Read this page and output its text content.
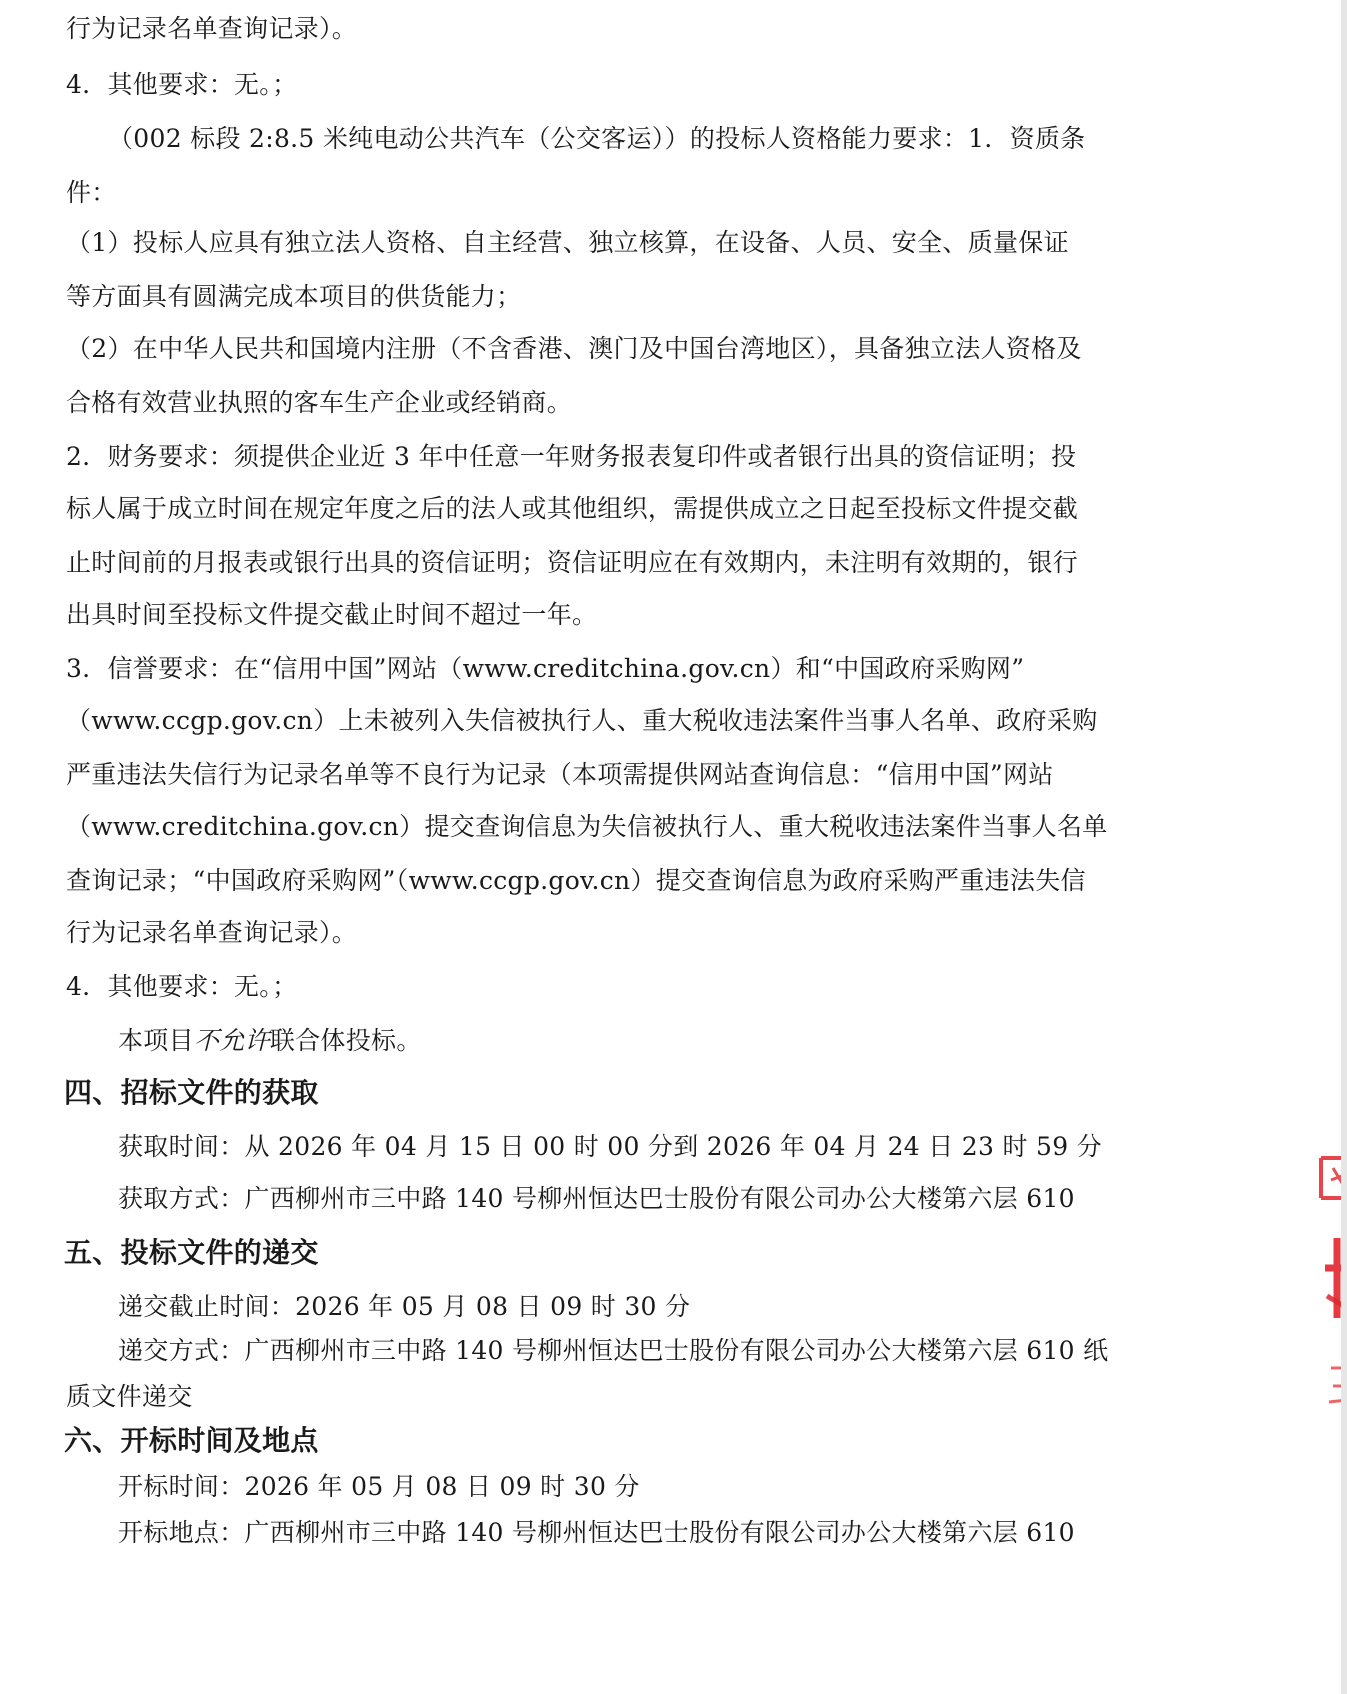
行为记录名单查询记录）。
4．其他要求：无。；
（002 标段 2:8.5 米纯电动公共汽车（公交客运））的投标人资格能力要求：1．资质条
件：
（1）投标人应具有独立法人资格、自主经营、独立核算，在设备、人员、安全、质量保证
等方面具有圆满完成本项目的供货能力；
（2）在中华人民共和国境内注册（不含香港、澳门及中国台湾地区），具备独立法人资格及
合格有效营业执照的客车生产企业或经销商。
2．财务要求：须提供企业近 3 年中任意一年财务报表复印件或者银行出具的资信证明；投
标人属于成立时间在规定年度之后的法人或其他组织，需提供成立之日起至投标文件提交截
止时间前的月报表或银行出具的资信证明；资信证明应在有效期内，未注明有效期的，银行
出具时间至投标文件提交截止时间不超过一年。
3．信誉要求：在“信用中国”网站（www.creditchina.gov.cn）和“中国政府采购网”
（www.ccgp.gov.cn）上未被列入失信被执行人、重大税收违法案件当事人名单、政府采购
严重违法失信行为记录名单等不良行为记录（本项需提供网站查询信息：“信用中国”网站
（www.creditchina.gov.cn）提交查询信息为失信被执行人、重大税收违法案件当事人名单
查询记录；“中国政府采购网”（www.ccgp.gov.cn）提交查询信息为政府采购严重违法失信
行为记录名单查询记录）。
4．其他要求：无。；
本项目不允许联合体投标。
四、招标文件的获取
获取时间：从 2026 年 04 月 15 日 00 时 00 分到 2026 年 04 月 24 日 23 时 59 分
获取方式：广西柳州市三中路 140 号柳州恒达巴士股份有限公司办公大楼第六层 610
五、投标文件的递交
递交截止时间：2026 年 05 月 08 日 09 时 30 分
递交方式：广西柳州市三中路 140 号柳州恒达巴士股份有限公司办公大楼第六层 610 纸
质文件递交
六、开标时间及地点
开标时间：2026 年 05 月 08 日 09 时 30 分
开标地点：广西柳州市三中路 140 号柳州恒达巴士股份有限公司办公大楼第六层 610
